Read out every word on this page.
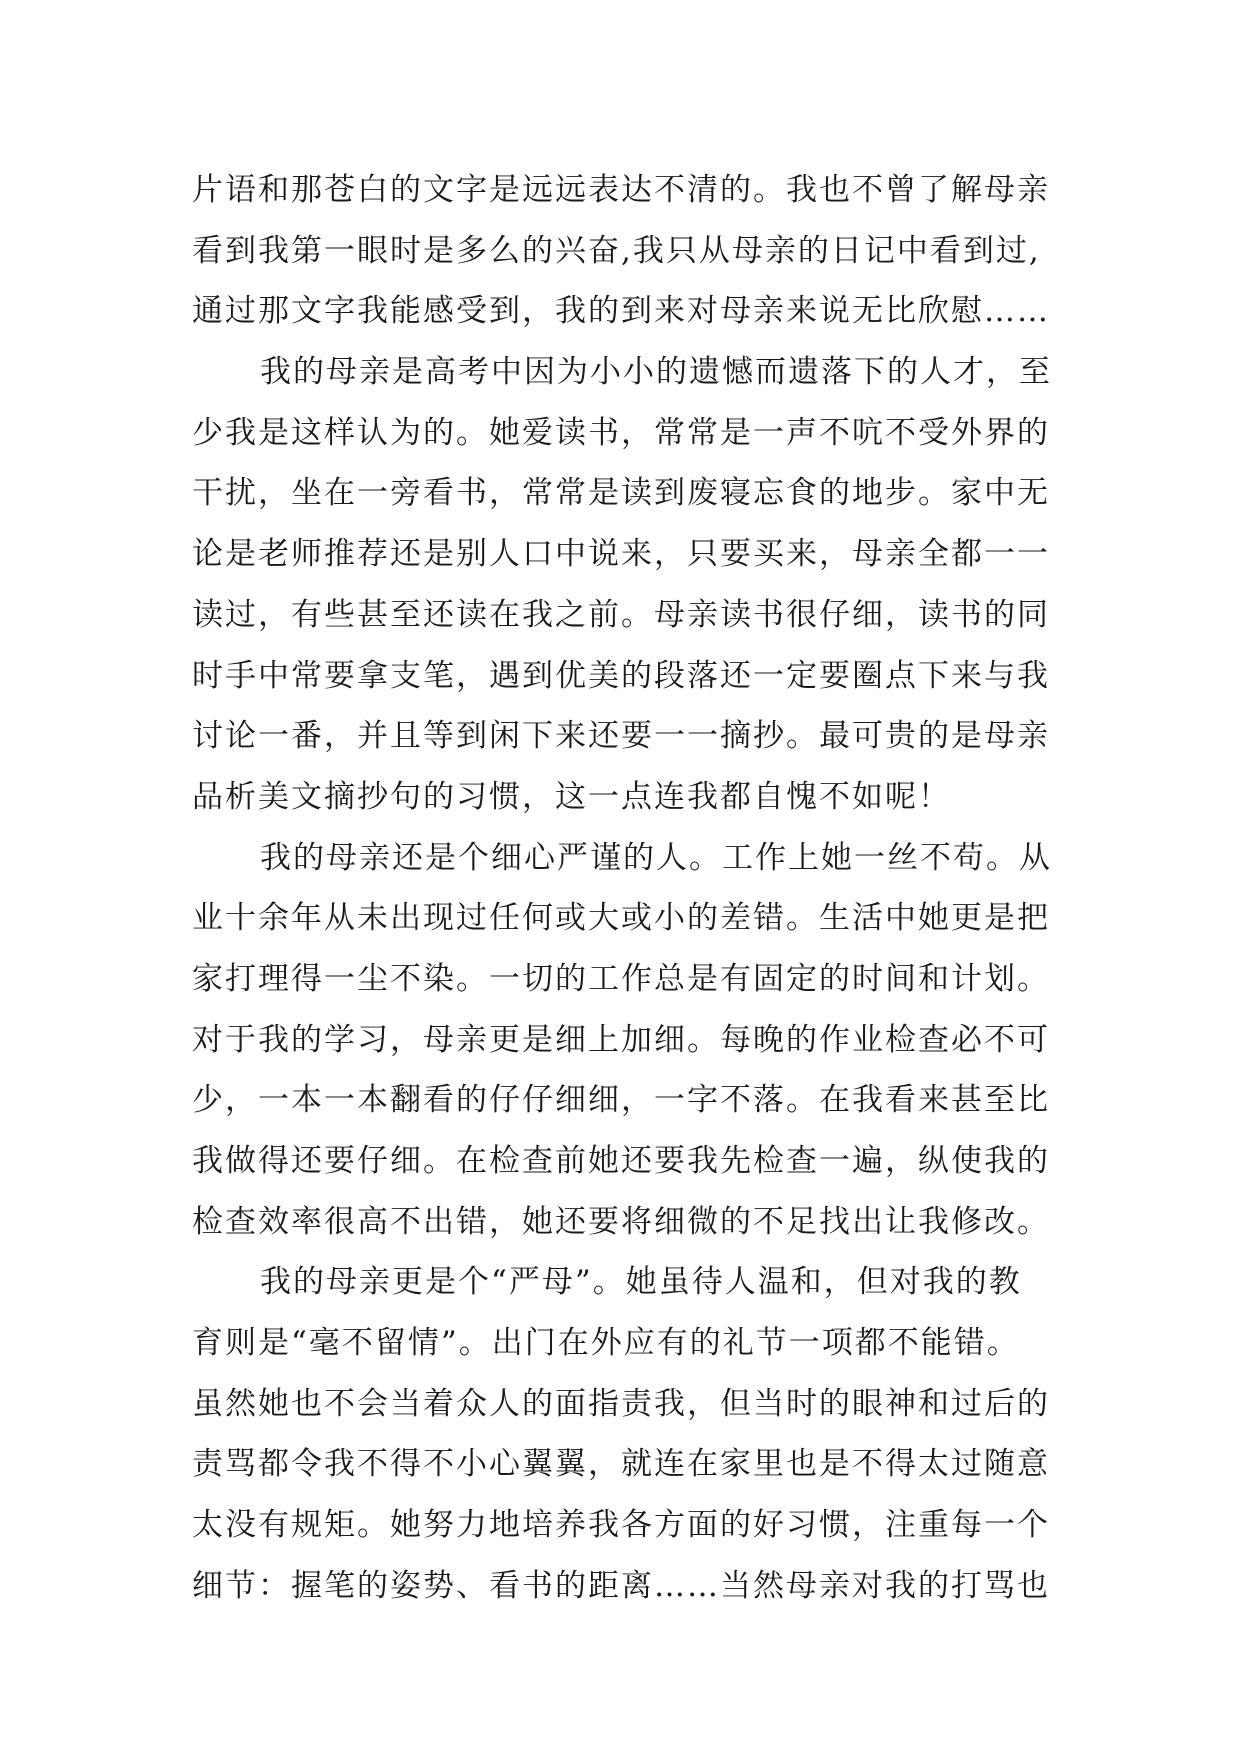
片语和那苍白的文字是远远表达不清的。我也不曾了解母亲
看到我第一眼时是多么的兴奋,我只从母亲的日记中看到过,
通过那文字我能感受到，我的到来对母亲来说无比欣慰……
我的母亲是高考中因为小小的遗憾而遗落下的人才，至
少我是这样认为的。她爱读书，常常是一声不吭不受外界的
干扰，坐在一旁看书，常常是读到废寝忘食的地步。家中无
论是老师推荐还是别人口中说来，只要买来，母亲全都一一
读过，有些甚至还读在我之前。母亲读书很仔细，读书的同
时手中常要拿支笔，遇到优美的段落还一定要圈点下来与我
讨论一番，并且等到闲下来还要一一摘抄。最可贵的是母亲
品析美文摘抄句的习惯，这一点连我都自愧不如呢！
我的母亲还是个细心严谨的人。工作上她一丝不苟。从
业十余年从未出现过任何或大或小的差错。生活中她更是把
家打理得一尘不染。一切的工作总是有固定的时间和计划。
对于我的学习，母亲更是细上加细。每晚的作业检查必不可
少，一本一本翻看的仔仔细细，一字不落。在我看来甚至比
我做得还要仔细。在检查前她还要我先检查一遍，纵使我的
检查效率很高不出错，她还要将细微的不足找出让我修改。
我的母亲更是个“严母”。她虽待人温和，但对我的教
育则是“毫不留情”。出门在外应有的礼节一项都不能错。
虽然她也不会当着众人的面指责我，但当时的眼神和过后的
责骂都令我不得不小心翼翼，就连在家里也是不得太过随意
太没有规矩。她努力地培养我各方面的好习惯，注重每一个
细节：握笔的姿势、看书的距离……当然母亲对我的打骂也
